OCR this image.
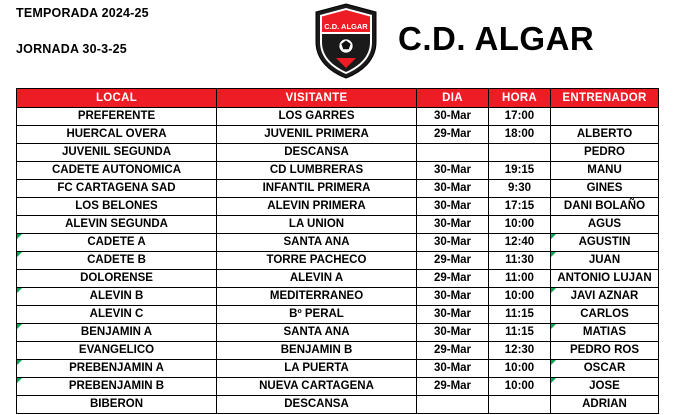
TEMPORADA 2024-25
JORNADA 30-3-25
C.D. ALGAR C.D. ALGAR
LOCAL	VISITANTE	DIA	HORA	ENTRENADOR
PREFERENTE	LOS GARRES	30-Mar	17:00	
HUERCAL OVERA	JUVENIL PRIMERA	29-Mar	18:00	ALBERTO
JUVENIL SEGUNDA	DESCANSA			PEDRO
CADETE AUTONOMICA	CD LUMBRERAS	30-Mar	19:15	MANU
FC CARTAGENA SAD	INFANTIL PRIMERA	30-Mar	9:30	GINES
LOS BELONES	ALEVIN PRIMERA	30-Mar	17:15	DANI BOLAÑO
ALEVIN SEGUNDA	LA UNION	30-Mar	10:00	AGUS
CADETE A	SANTA ANA	30-Mar	12:40	AGUSTIN
CADETE B	TORRE PACHECO	29-Mar	11:30	JUAN
DOLORENSE	ALEVIN A	29-Mar	11:00	ANTONIO LUJAN
ALEVIN B	MEDITERRANEO	30-Mar	10:00	JAVI AZNAR
ALEVIN C	Bº PERAL	30-Mar	11:15	CARLOS
BENJAMIN A	SANTA ANA	30-Mar	11:15	MATIAS
EVANGELICO	BENJAMIN B	29-Mar	12:30	PEDRO ROS
PREBENJAMIN A	LA PUERTA	30-Mar	10:00	OSCAR
PREBENJAMIN B	NUEVA CARTAGENA	29-Mar	10:00	JOSE
BIBERON	DESCANSA			ADRIAN
